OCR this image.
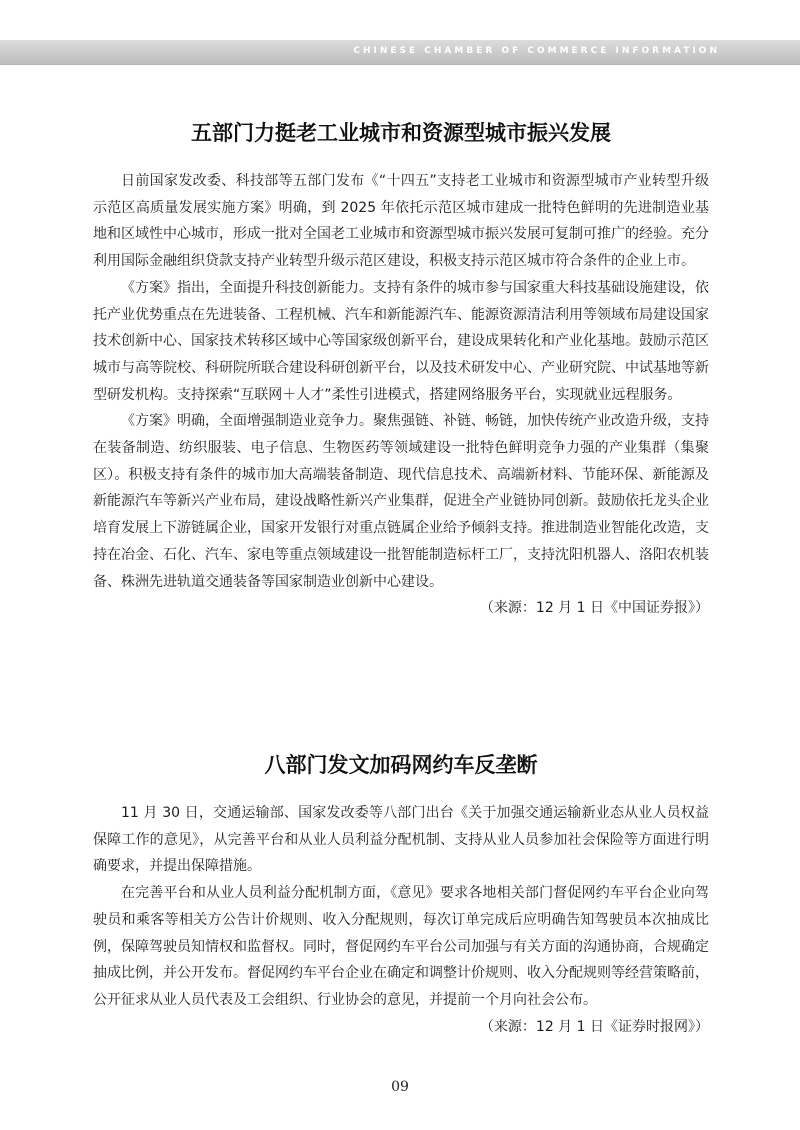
CHINESE CHAMBER OF COMMERCE INFORMATION
五部门力挺老工业城市和资源型城市振兴发展

日前国家发改委、科技部等五部门发布《“十四五”支持老工业城市和资源型城市产业转型升级示范区高质量发展实施方案》明确，到 2025 年依托示范区城市建成一批特色鲜明的先进制造业基地和区域性中心城市，形成一批对全国老工业城市和资源型城市振兴发展可复制可推广的经验。充分利用国际金融组织贷款支持产业转型升级示范区建设，积极支持示范区城市符合条件的企业上市。

《方案》指出，全面提升科技创新能力。支持有条件的城市参与国家重大科技基础设施建设，依托产业优势重点在先进装备、工程机械、汽车和新能源汽车、能源资源清洁利用等领域布局建设国家技术创新中心、国家技术转移区域中心等国家级创新平台，建设成果转化和产业化基地。鼓励示范区城市与高等院校、科研院所联合建设科研创新平台，以及技术研发中心、产业研究院、中试基地等新型研发机构。支持探索“互联网＋人才”柔性引进模式，搭建网络服务平台，实现就业远程服务。

《方案》明确，全面增强制造业竞争力。聚焦强链、补链、畅链，加快传统产业改造升级，支持在装备制造、纺织服装、电子信息、生物医药等领域建设一批特色鲜明竞争力强的产业集群（集聚区）。积极支持有条件的城市加大高端装备制造、现代信息技术、高端新材料、节能环保、新能源及新能源汽车等新兴产业布局，建设战略性新兴产业集群，促进全产业链协同创新。鼓励依托龙头企业培育发展上下游链属企业，国家开发银行对重点链属企业给予倾斜支持。推进制造业智能化改造，支持在冶金、石化、汽车、家电等重点领域建设一批智能制造标杆工厂，支持沈阳机器人、洛阳农机装备、株洲先进轨道交通装备等国家制造业创新中心建设。
（来源：12 月 1 日《中国证券报》）

八部门发文加码网约车反垄断

11 月 30 日，交通运输部、国家发改委等八部门出台《关于加强交通运输新业态从业人员权益保障工作的意见》，从完善平台和从业人员利益分配机制、支持从业人员参加社会保险等方面进行明确要求，并提出保障措施。

在完善平台和从业人员利益分配机制方面，《意见》要求各地相关部门督促网约车平台企业向驾驶员和乘客等相关方公告计价规则、收入分配规则，每次订单完成后应明确告知驾驶员本次抽成比例，保障驾驶员知情权和监督权。同时，督促网约车平台公司加强与有关方面的沟通协商，合规确定抽成比例，并公开发布。督促网约车平台企业在确定和调整计价规则、收入分配规则等经营策略前，公开征求从业人员代表及工会组织、行业协会的意见，并提前一个月向社会公布。
（来源：12 月 1 日《证券时报网》）

09
